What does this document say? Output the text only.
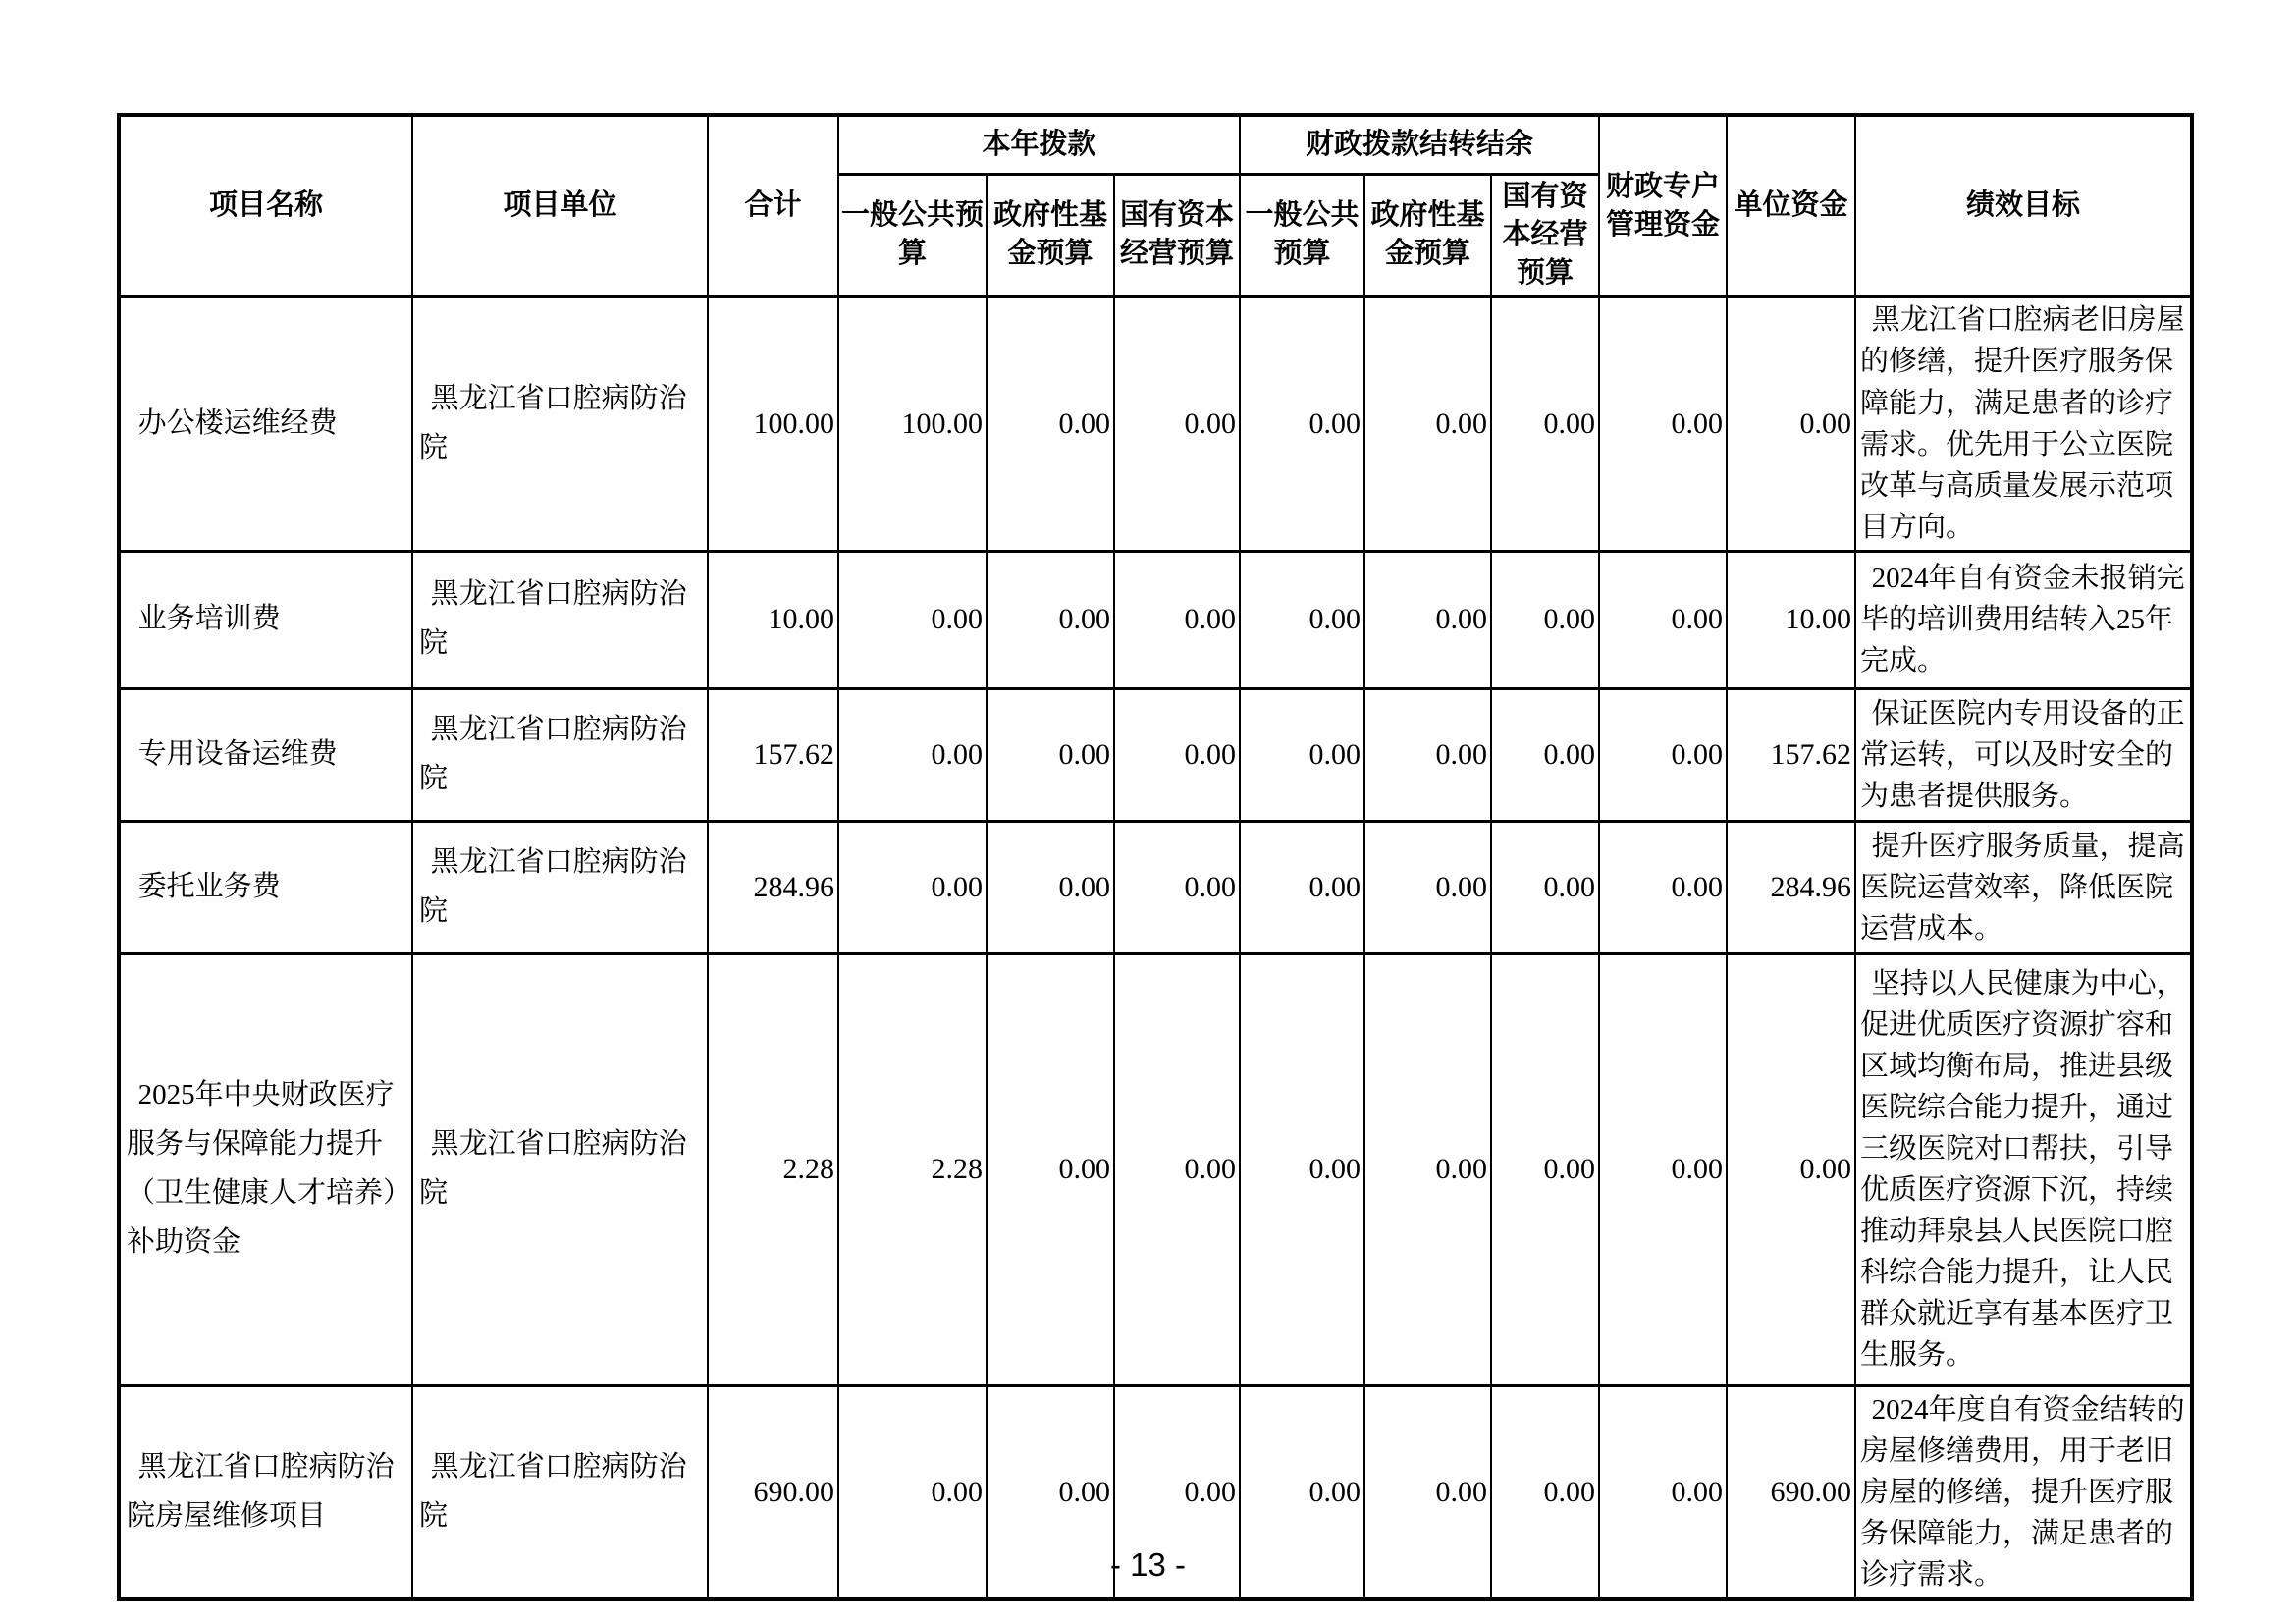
项目名称	项目单位	合计	本年拨款			财政拨款结转结余			财政专户管理资金	单位资金	绩效目标
			一般公共预算	政府性基金预算	国有资本经营预算	一般公共预算	政府性基金预算	国有资本经营预算			
办公楼运维经费	黑龙江省口腔病防治院	100.00	100.00	0.00	0.00	0.00	0.00	0.00	0.00	0.00	黑龙江省口腔病老旧房屋的修缮，提升医疗服务保障能力，满足患者的诊疗需求。优先用于公立医院改革与高质量发展示范项目方向。
业务培训费	黑龙江省口腔病防治院	10.00	0.00	0.00	0.00	0.00	0.00	0.00	0.00	10.00	2024年自有资金未报销完毕的培训费用结转入25年完成。
专用设备运维费	黑龙江省口腔病防治院	157.62	0.00	0.00	0.00	0.00	0.00	0.00	0.00	157.62	保证医院内专用设备的正常运转，可以及时安全的为患者提供服务。
委托业务费	黑龙江省口腔病防治院	284.96	0.00	0.00	0.00	0.00	0.00	0.00	0.00	284.96	提升医疗服务质量，提高医院运营效率，降低医院运营成本。
2025年中央财政医疗服务与保障能力提升（卫生健康人才培养）补助资金	黑龙江省口腔病防治院	2.28	2.28	0.00	0.00	0.00	0.00	0.00	0.00	0.00	坚持以人民健康为中心，促进优质医疗资源扩容和区域均衡布局，推进县级医院综合能力提升，通过三级医院对口帮扶，引导优质医疗资源下沉，持续推动拜泉县人民医院口腔科综合能力提升，让人民群众就近享有基本医疗卫生服务。
黑龙江省口腔病防治院房屋维修项目	黑龙江省口腔病防治院	690.00	0.00	0.00	0.00	0.00	0.00	0.00	0.00	690.00	2024年度自有资金结转的房屋修缮费用，用于老旧房屋的修缮，提升医疗服务保障能力，满足患者的诊疗需求。
- 13 -
